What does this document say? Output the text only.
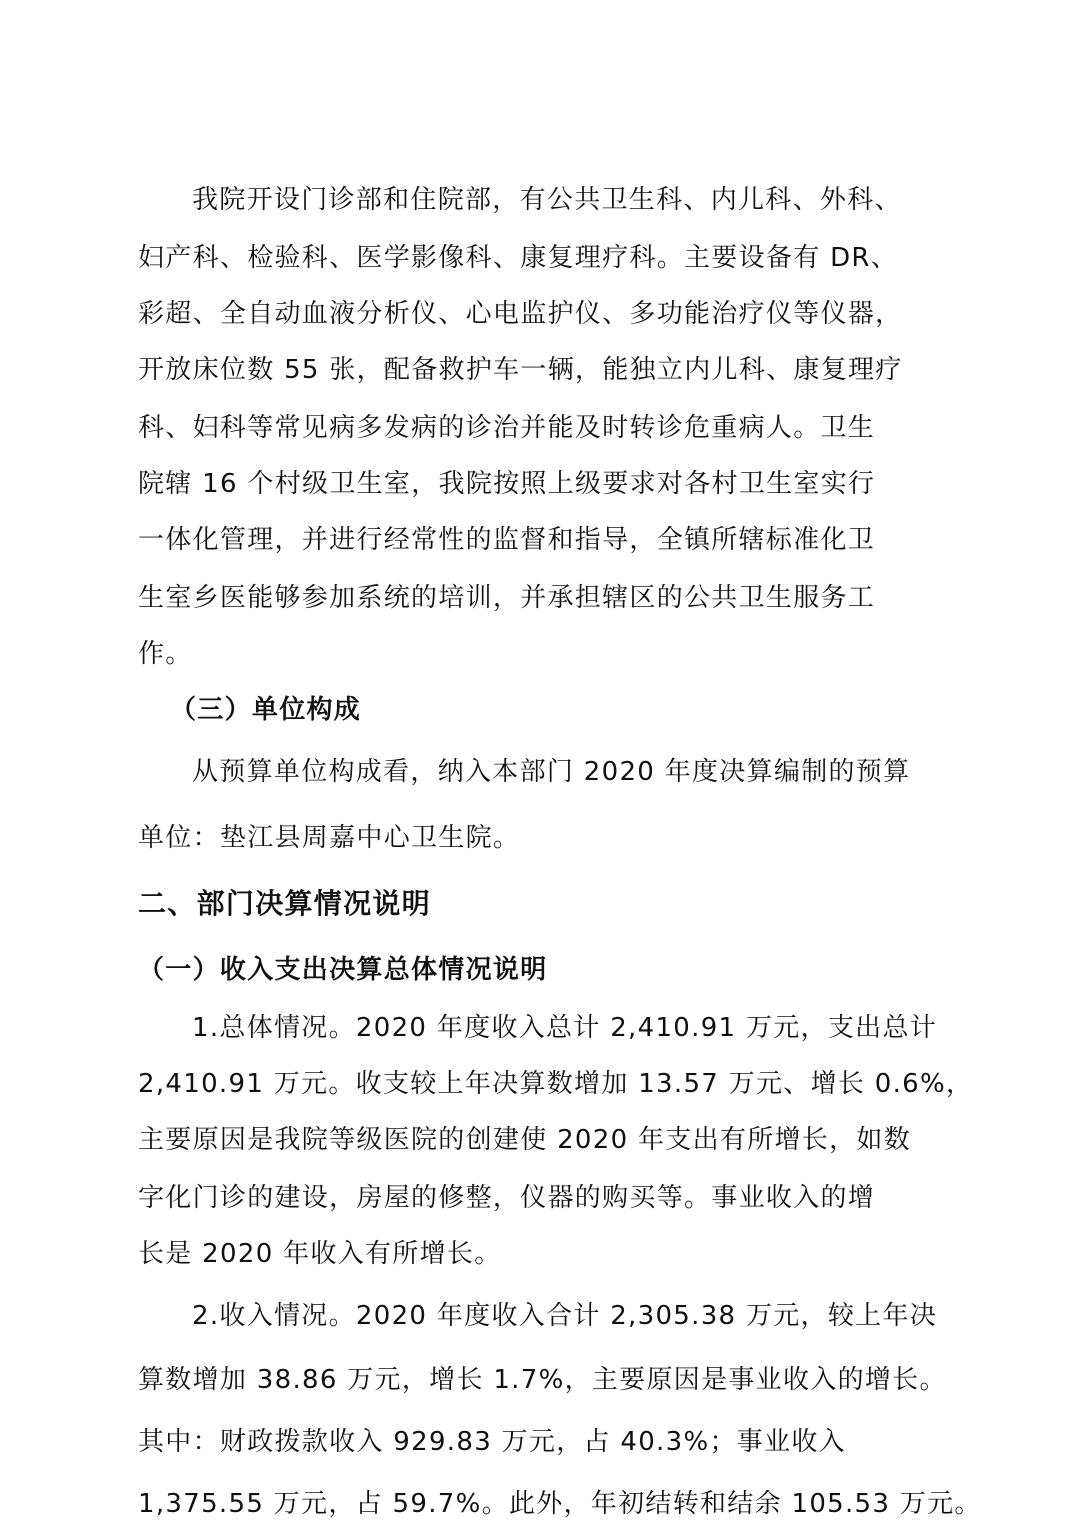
我院开设门诊部和住院部，有公共卫生科、内儿科、外科、
妇产科、检验科、医学影像科、康复理疗科。主要设备有 DR、
彩超、全自动血液分析仪、心电监护仪、多功能治疗仪等仪器，
开放床位数 55 张，配备救护车一辆，能独立内儿科、康复理疗
科、妇科等常见病多发病的诊治并能及时转诊危重病人。卫生
院辖 16 个村级卫生室，我院按照上级要求对各村卫生室实行
一体化管理，并进行经常性的监督和指导，全镇所辖标准化卫
生室乡医能够参加系统的培训，并承担辖区的公共卫生服务工
作。
（三）单位构成
从预算单位构成看，纳入本部门 2020 年度决算编制的预算
单位：垫江县周嘉中心卫生院。
二、部门决算情况说明
（一）收入支出决算总体情况说明
1.总体情况。2020 年度收入总计 2,410.91 万元，支出总计
2,410.91 万元。收支较上年决算数增加 13.57 万元、增长 0.6%，
主要原因是我院等级医院的创建使 2020 年支出有所增长，如数
字化门诊的建设，房屋的修整，仪器的购买等。事业收入的增
长是 2020 年收入有所增长。
2.收入情况。2020 年度收入合计 2,305.38 万元，较上年决
算数增加 38.86 万元，增长 1.7%，主要原因是事业收入的增长。
其中：财政拨款收入 929.83 万元，占 40.3%；事业收入
1,375.55 万元，占 59.7%。此外，年初结转和结余 105.53 万元。
